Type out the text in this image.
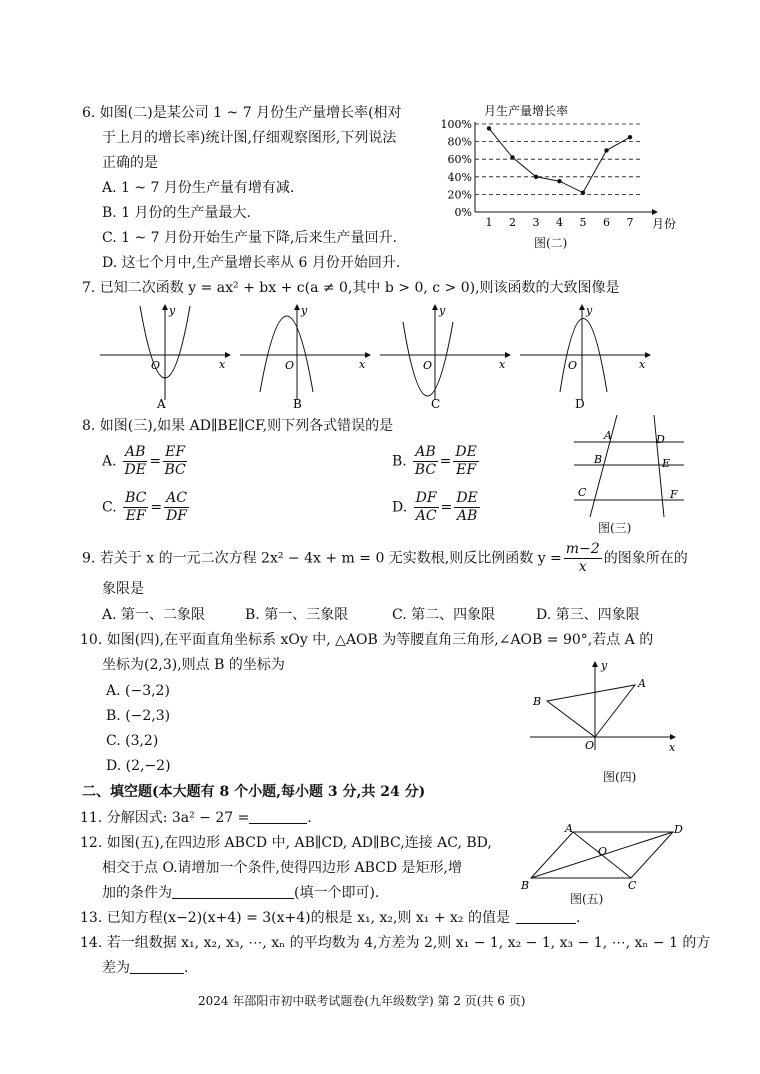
6. 如图(二)是某公司 1 ~ 7 月份生产量增长率(相对
于上月的增长率)统计图,仔细观察图形,下列说法
正确的是
A. 1 ~ 7 月份生产量有增有减.
B. 1 月份的生产量最大.
C. 1 ~ 7 月份开始生产量下降,后来生产量回升.
D. 这七个月中,生产量增长率从 6 月份开始回升.
月生产量增长率
100%
80%
60%
40%
20%
0%
1 2 3 4 5 6 7 月份
图(二)
7. 已知二次函数 y = ax² + bx + c(a ≠ 0,其中 b > 0, c > 0),则该函数的大致图像是
x
y
O
A
x
y
O
B
x
y
O
C
x
y
O
D
8. 如图(三),如果 AD∥BE∥CF,则下列各式错误的是
A. $\frac{AB}{DE} = \frac{EF}{BC}$	B. $\frac{AB}{BC} = \frac{DE}{EF}$
C. $\frac{BC}{EF} = \frac{AC}{DF}$	D. $\frac{DF}{AC} = \frac{DE}{AB}$
A	D
B	E
C	F
图(三)
9. 若关于 x 的一元二次方程 2x² − 4x + m = 0 无实数根,则反比例函数 $y = \frac{m-2}{x}$ 的图象所在的
象限是
A. 第一、二象限	B. 第一、三象限	C. 第二、四象限	D. 第三、四象限
10. 如图(四),在平面直角坐标系 xOy 中, △AOB 为等腰直角三角形,∠AOB = 90°,若点 A 的
坐标为(2,3),则点 B 的坐标为
A. (−3,2)
B. (−2,3)
C. (3,2)
D. (2,−2)
A
B
O	x
y
图(四)
二、填空题(本大题有 8 个小题,每小题 3 分,共 24 分)
11. 分解因式: 3a² − 27 =	.
12. 如图(五),在四边形 ABCD 中, AB∥CD, AD∥BC,连接 AC, BD,
相交于点 O.请增加一个条件,使得四边形 ABCD 是矩形,增
加的条件为	(填一个即可).
A	D
O
B	C
图(五)
13. 已知方程(x−2)(x+4) = 3(x+4)的根是 x₁, x₂,则 x₁ + x₂ 的值是	.
14. 若一组数据 x₁, x₂, x₃, ⋯, xₙ 的平均数为 4,方差为 2,则 x₁ − 1, x₂ − 1, x₃ − 1, ⋯, xₙ − 1 的方
差为	.
2024 年邵阳市初中联考试题卷(九年级数学) 第 2 页(共 6 页)
